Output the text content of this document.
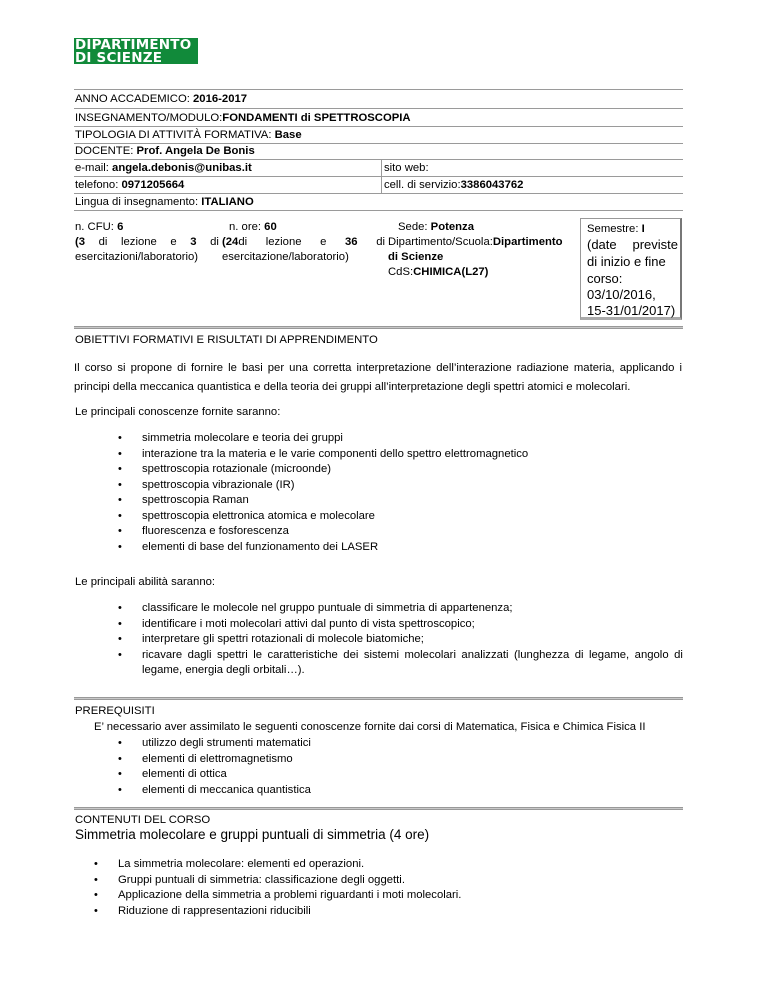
DIPARTIMENTO
DI SCIENZE
ANNO ACCADEMICO: 2016-2017
INSEGNAMENTO/MODULO:FONDAMENTI di SPETTROSCOPIA
TIPOLOGIA DI ATTIVITÀ FORMATIVA: Base
DOCENTE: Prof. Angela De Bonis
e-mail: angela.debonis@unibas.it	sito web:
telefono: 0971205664	cell. di servizio:3386043762
Lingua di insegnamento: ITALIANO
n. CFU: 6
(3 di lezione e 3 di
esercitazioni/laboratorio)
n. ore: 60
(24di lezione e 36 di
esercitazione/laboratorio)
Sede: Potenza
Dipartimento/Scuola:Dipartimento
di Scienze
CdS:CHIMICA(L27)
Semestre: I
(date previste
di inizio e fine
corso:
03/10/2016,
15-31/01/2017)
OBIETTIVI FORMATIVI E RISULTATI DI APPRENDIMENTO
Il corso si propone di fornire le basi per una corretta interpretazione dell’interazione radiazione materia, applicando i principi della meccanica quantistica e della teoria dei gruppi all’interpretazione degli spettri atomici e molecolari.
Le principali conoscenze fornite saranno:
• simmetria molecolare e teoria dei gruppi
• interazione tra la materia e le varie componenti dello spettro elettromagnetico
• spettroscopia rotazionale (microonde)
• spettroscopia vibrazionale (IR)
• spettroscopia Raman
• spettroscopia elettronica atomica e molecolare
• fluorescenza e fosforescenza
• elementi di base del funzionamento dei LASER
Le principali abilità saranno:
• classificare le molecole nel gruppo puntuale di simmetria di appartenenza;
• identificare i moti molecolari attivi dal punto di vista spettroscopico;
• interpretare gli spettri rotazionali di molecole biatomiche;
• ricavare dagli spettri le caratteristiche dei sistemi molecolari analizzati (lunghezza di legame, angolo di
legame, energia degli orbitali…).
PREREQUISITI
E’ necessario aver assimilato le seguenti conoscenze fornite dai corsi di Matematica, Fisica e Chimica Fisica II
• utilizzo degli strumenti matematici
• elementi di elettromagnetismo
• elementi di ottica
• elementi di meccanica quantistica
CONTENUTI DEL CORSO
Simmetria molecolare e gruppi puntuali di simmetria (4 ore)
• La simmetria molecolare: elementi ed operazioni.
• Gruppi puntuali di simmetria: classificazione degli oggetti.
• Applicazione della simmetria a problemi riguardanti i moti molecolari.
• Riduzione di rappresentazioni riducibili
